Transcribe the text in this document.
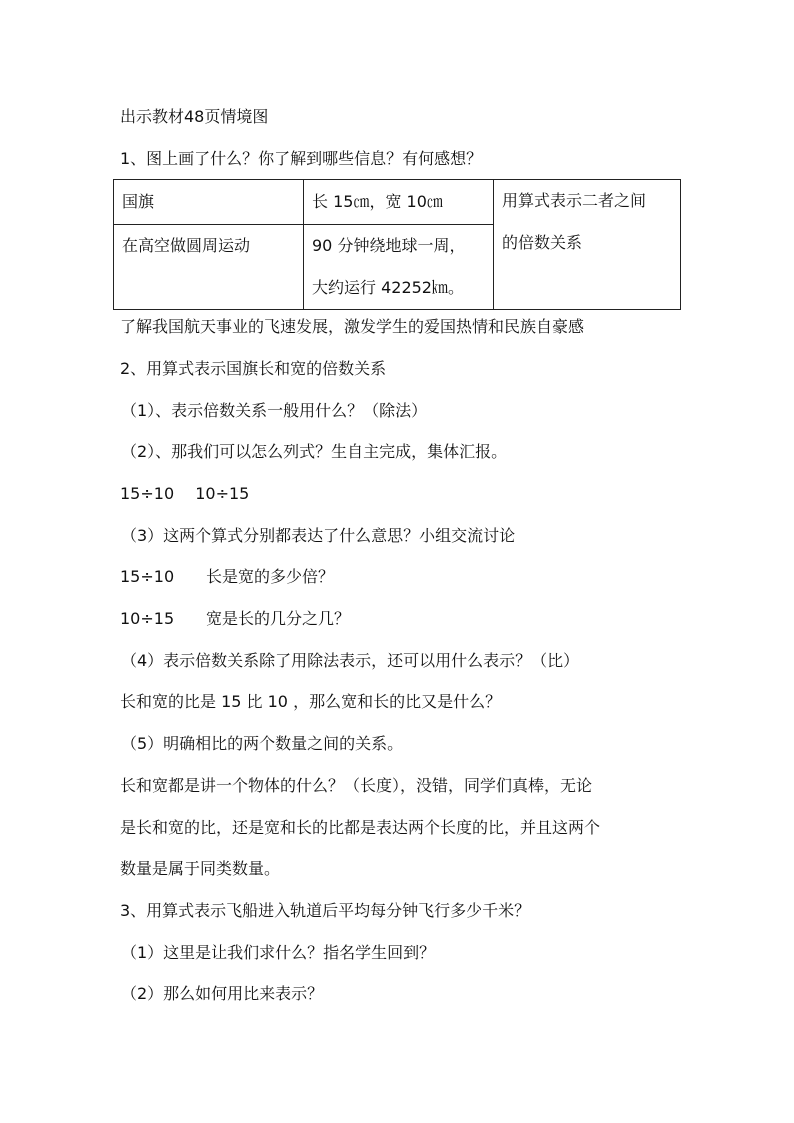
出示教材48页情境图
1、图上画了什么？你了解到哪些信息？有何感想？
国旗	长 15㎝，宽 10㎝	用算式表示二者之间
的倍数关系

在高空做圆周运动	90 分钟绕地球一周，
大约运行 42252㎞。	
了解我国航天事业的飞速发展，激发学生的爱国热情和民族自豪感
2、用算式表示国旗长和宽的倍数关系
（1）、表示倍数关系一般用什么？（除法）
（2）、那我们可以怎么列式？生自主完成，集体汇报。
15÷10　 10÷15
（3）这两个算式分别都表达了什么意思？小组交流讨论
15÷10 长是宽的多少倍？
10÷15 宽是长的几分之几？
（4）表示倍数关系除了用除法表示，还可以用什么表示？（比）
长和宽的比是 15 比 10 ，那么宽和长的比又是什么？
（5）明确相比的两个数量之间的关系。
长和宽都是讲一个物体的什么？（长度），没错，同学们真棒，无论
是长和宽的比，还是宽和长的比都是表达两个长度的比，并且这两个
数量是属于同类数量。
3、用算式表示飞船进入轨道后平均每分钟飞行多少千米？
（1）这里是让我们求什么？指名学生回到？
（2）那么如何用比来表示？
